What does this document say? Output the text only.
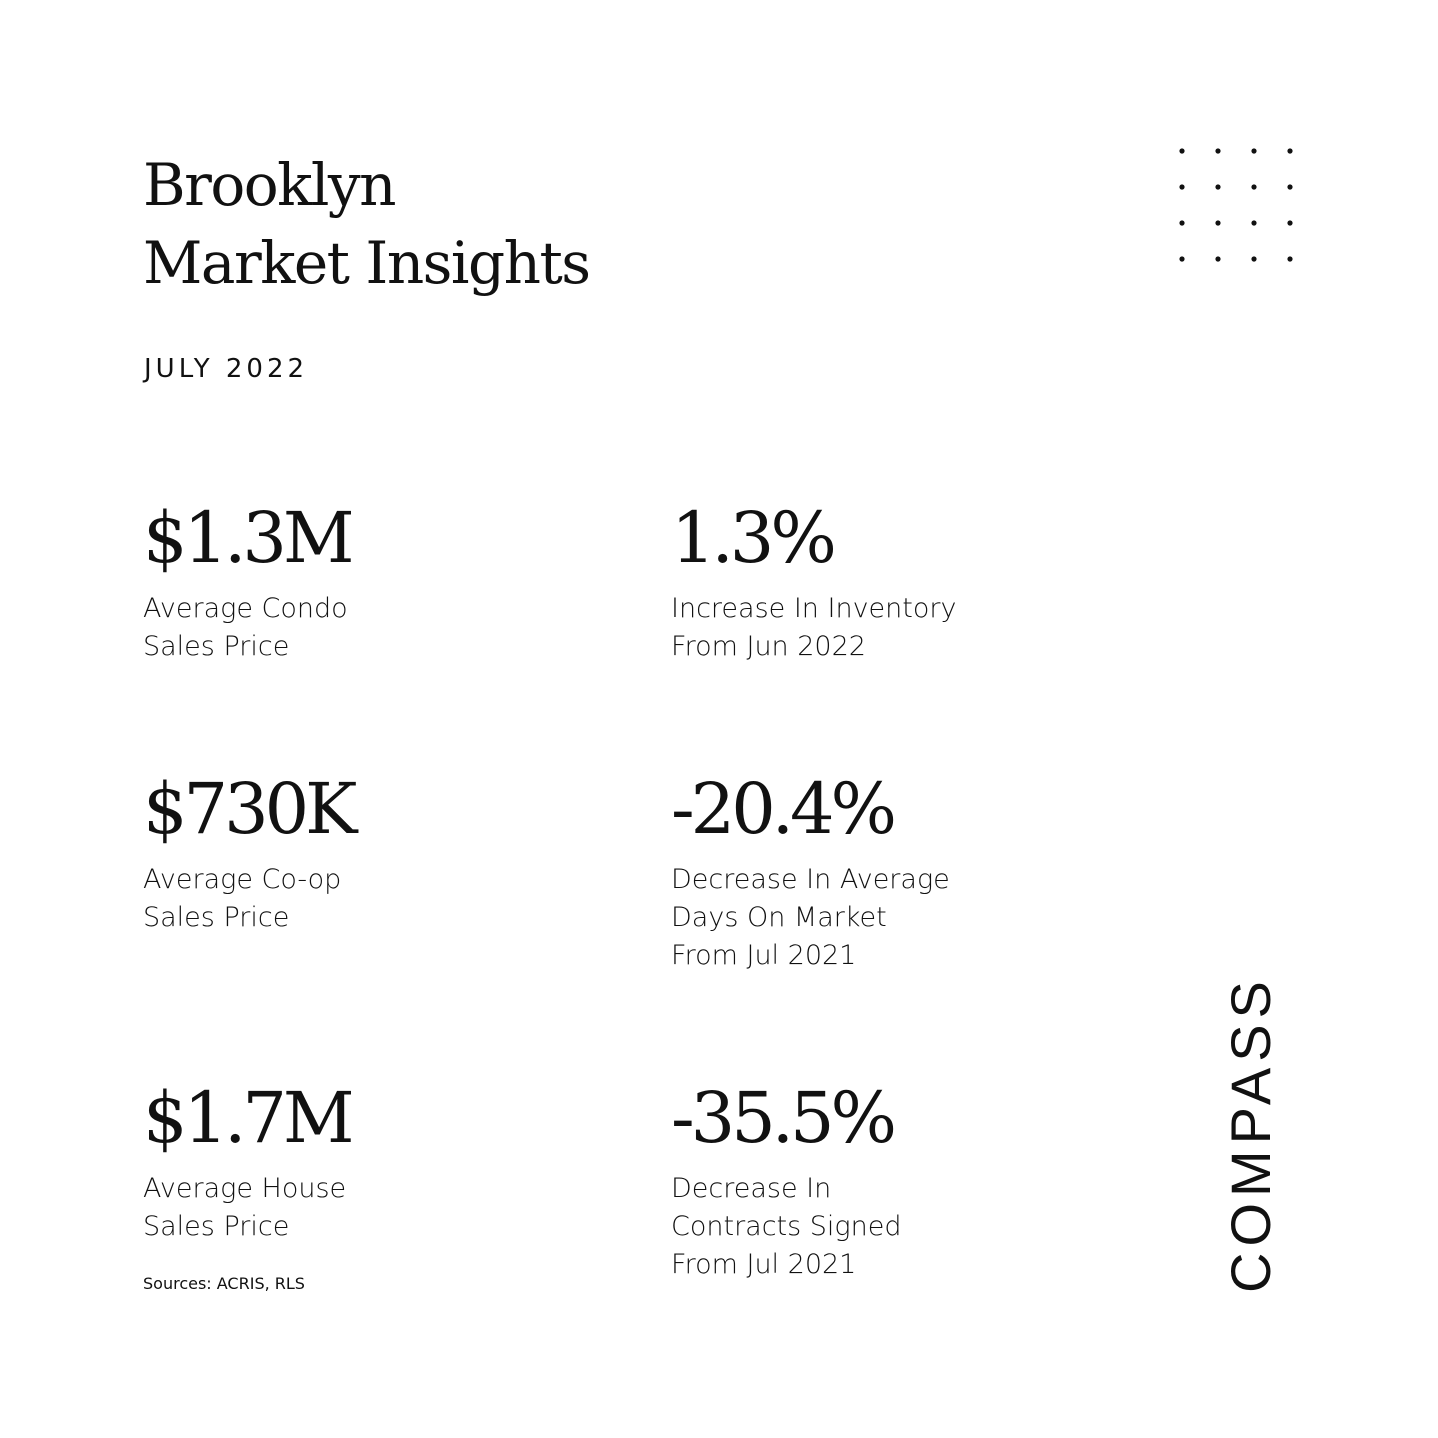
Brooklyn
Market Insights
JULY 2022
$1.3M
Average Condo
Sales Price
1.3%
Increase In Inventory
From Jun 2022
$730K
Average Co-op
Sales Price
-20.4%
Decrease In Average
Days On Market
From Jul 2021
$1.7M
Average House
Sales Price
-35.5%
Decrease In
Contracts Signed
From Jul 2021
Sources: ACRIS, RLS	COMPASS
